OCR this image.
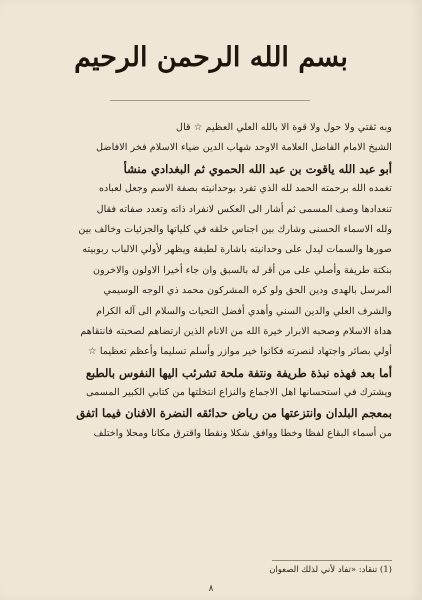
بسم الله الرحمن الرحيم
وبه ثقتي ولا حول ولا قوة الا بالله العلي العظيم ☆ قال
الشيخ الامام الفاضل العلامة الاوحد شهاب الدين ضياء الاسلام فخر الافاضل
أبو عبد الله ياقوت بن عبد الله الحموي ثم البغدادي منشأ
تغمده الله برحمته الحمد لله الذي تفرد بوحدانيته بصفة الاسم وجعل لعباده
تنعدادها وصف المسمى ثم أشار الى العكس لانفراد ذاته وتعدد صفاته فقال
ولله الاسماء الحسنى وشارك بين اجناس خلقه في كلياتها والجزئيات وخالف بين
صورها والسمات ليدل على وحدانيته باشارة لطيفة ويظهر لأولي الالباب ربوبيته
بنكتة طريفة وأصلي على من أقر له بالسبق وان جاء أخيرا الاولون والاخرون
المرسل بالهدى ودين الحق ولو كره المشركون محمد ذي الوجه الوسيمي
والشرف العلي والدين السني وأهدي أفضل التحيات والسلام الى آله الكرام
هداة الاسلام وصحبه الابرار خيرة الله من الانام الذين ارتضاهم لصحبته فانتقاهم
أولي بصائر واجتهاد لنصرته فكانوا خير موازر وأسلم تسليما وأعظم تعظيما ☆
أما بعد فهذه نبذة طريفة ونتفة ملحة تشرئب اليها النفوس بالطبع
ويشترك في استحسانها اهل الاجماع والنزاع انتخلتها من كتابي الكبير المسمى
بمعجم البلدان وانتزعتها من رياض حدائقه النضرة الافنان فيما اتفق
من أسماء البقاع لفظا وخطا ووافق شكلا ونقطا واقترق مكانا ومحلا واختلف
(1) تنقاد: «تفاد لأني لذلك الصعوان
۸
